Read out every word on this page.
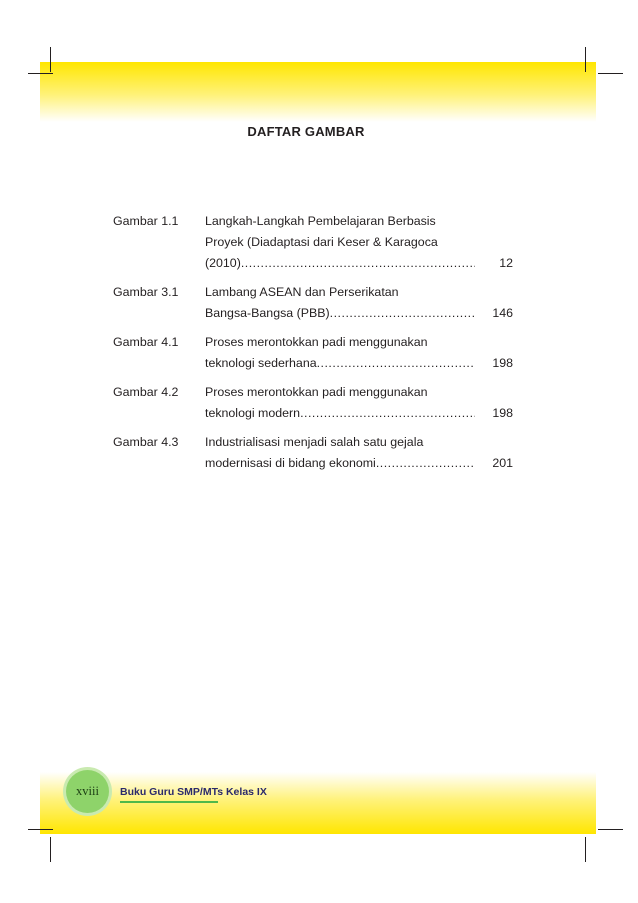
DAFTAR GAMBAR
Gambar 1.1	Langkah-Langkah Pembelajaran Berbasis
Proyek (Diadaptasi dari Keser & Karagoca
(2010) .....	12
Gambar 3.1	Lambang ASEAN dan Perserikatan
Bangsa-Bangsa (PBB) .....	146
Gambar 4.1	Proses merontokkan padi menggunakan
teknologi sederhana .....	198
Gambar 4.2	Proses merontokkan padi menggunakan
teknologi modern .....	198
Gambar 4.3	Industrialisasi menjadi salah satu gejala
modernisasi di bidang ekonomi .....	201
xviii	Buku Guru SMP/MTs Kelas IX
